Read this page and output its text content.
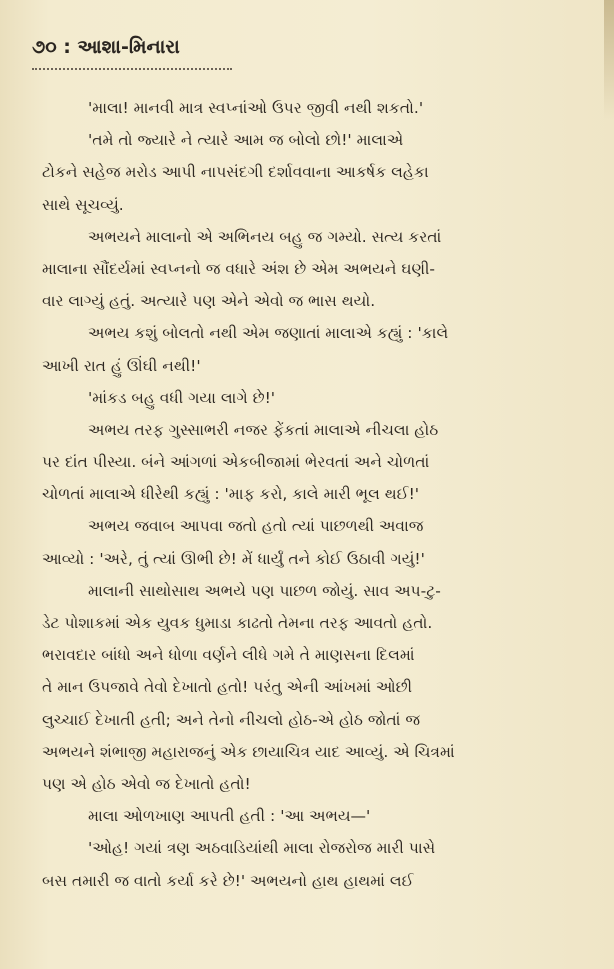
૭૦ : આશા-મિનારા
'માલા! માનવી માત્ર સ્વપ્નાંઓ ઉપર જીવી નથી શકતો.'
'તમે તો જ્યારે ને ત્યારે આમ જ બોલો છો!' માલાએ
ટોકને સહેજ મરોડ આપી નાપસંદગી દર્શાવવાના આકર્ષક લહેકા
સાથે સૂચવ્યું.
અભયને માલાનો એ અભિનય બહુ જ ગમ્યો. સત્ય કરતાં
માલાના સૌંદર્યમાં સ્વપ્નનો જ વધારે અંશ છે એમ અભયને ઘણી-
વાર લાગ્યું હતું. અત્યારે પણ એને એવો જ ભાસ થયો.
અભય કશું બોલતો નથી એમ જણાતાં માલાએ કહ્યું : 'કાલે
આખી રાત હું ઊંઘી નથી!'
'માંકડ બહુ વધી ગયા લાગે છે!'
અભય તરફ ગુસ્સાભરી નજર ફેંકતાં માલાએ નીચલા હોઠ
પર દાંત પીસ્યા. બંને આંગળાં એકબીજામાં ભેરવતાં અને ચોળતાં
ચોળતાં માલાએ ધીરેથી કહ્યું : 'માફ કરો, કાલે મારી ભૂલ થઈ!'
અભય જવાબ આપવા જતો હતો ત્યાં પાછળથી અવાજ
આવ્યો : 'અરે, તું ત્યાં ઊભી છે! મેં ધાર્યું તને કોઈ ઉઠાવી ગયું!'
માલાની સાથોસાથ અભયે પણ પાછળ જોયું. સાવ અપ-ટુ-
ડેટ પોશાકમાં એક યુવક ધુમાડા કાઢતો તેમના તરફ આવતો હતો.
ભરાવદાર બાંધો અને ધોળા વર્ણને લીધે ગમે તે માણસના દિલમાં
તે માન ઉપજાવે તેવો દેખાતો હતો! પરંતુ એની આંખમાં ઓછી
લુચ્ચાઈ દેખાતી હતી; અને તેનો નીચલો હોઠ-એ હોઠ જોતાં જ
અભયને શંભાજી મહારાજનું એક છાયાચિત્ર યાદ આવ્યું. એ ચિત્રમાં
પણ એ હોઠ એવો જ દેખાતો હતો!
માલા ઓળખાણ આપતી હતી : 'આ અભય—'
'ઓહ! ગયાં ત્રણ અઠવાડિયાંથી માલા રોજરોજ મારી પાસે
બસ તમારી જ વાતો કર્યા કરે છે!' અભયનો હાથ હાથમાં લઈ
